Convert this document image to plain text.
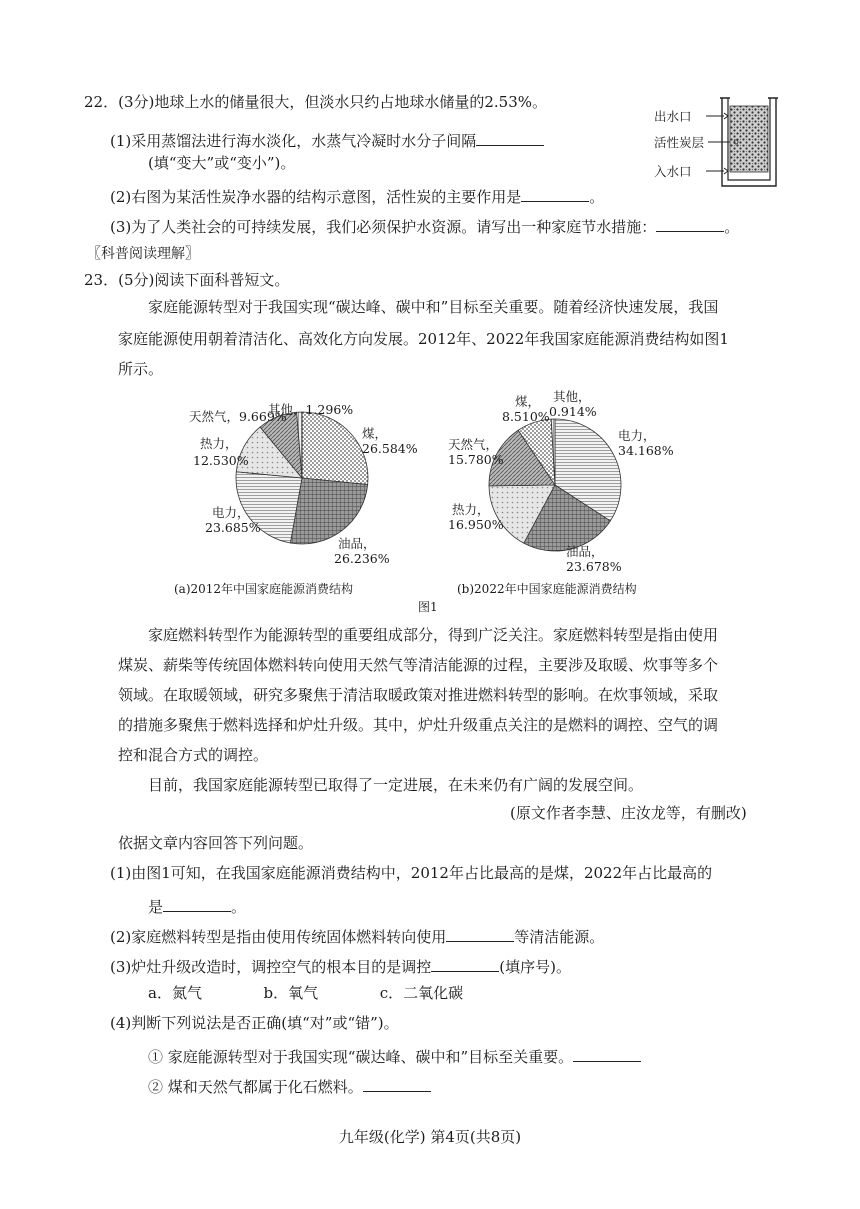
22．(3分)地球上水的储量很大，但淡水只约占地球水储量的2.53%。
(1)采用蒸馏法进行海水淡化，水蒸气冷凝时水分子间隔
(填“变大”或“变小”)。
(2)右图为某活性炭净水器的结构示意图，活性炭的主要作用是	。
(3)为了人类社会的可持续发展，我们必须保护水资源。请写出一种家庭节水措施：	。
出水口
活性炭层
入水口
〖科普阅读理解〗
23．(5分)阅读下面科普短文。
家庭能源转型对于我国实现“碳达峰、碳中和”目标至关重要。随着经济快速发展，我国
家庭能源使用朝着清洁化、高效化方向发展。2012年、2022年我国家庭能源消费结构如图1
所示。
其他，1.296%
天然气，9.669%
煤，
26.584%
热力，
12.530%
电力，
23.685%
油品，
26.236%
煤，
8.510%
其他，
0.914%
电力，
34.168%
天然气，
15.780%
热力，
16.950%
油品，
23.678%
(a)2012年中国家庭能源消费结构	(b)2022年中国家庭能源消费结构
图1
家庭燃料转型作为能源转型的重要组成部分，得到广泛关注。家庭燃料转型是指由使用
煤炭、薪柴等传统固体燃料转向使用天然气等清洁能源的过程，主要涉及取暖、炊事等多个
领域。在取暖领域，研究多聚焦于清洁取暖政策对推进燃料转型的影响。在炊事领域，采取
的措施多聚焦于燃料选择和炉灶升级。其中，炉灶升级重点关注的是燃料的调控、空气的调
控和混合方式的调控。
目前，我国家庭能源转型已取得了一定进展，在未来仍有广阔的发展空间。
(原文作者李慧、庄汝龙等，有删改)
依据文章内容回答下列问题。
(1)由图1可知，在我国家庭能源消费结构中，2012年占比最高的是煤，2022年占比最高的
是	。
(2)家庭燃料转型是指由使用传统固体燃料转向使用	等清洁能源。
(3)炉灶升级改造时，调控空气的根本目的是调控	(填序号)。
a．氮气	b．氧气	c．二氧化碳
(4)判断下列说法是否正确(填“对”或“错”)。
① 家庭能源转型对于我国实现“碳达峰、碳中和”目标至关重要。
② 煤和天然气都属于化石燃料。
九年级(化学) 第4页(共8页)
